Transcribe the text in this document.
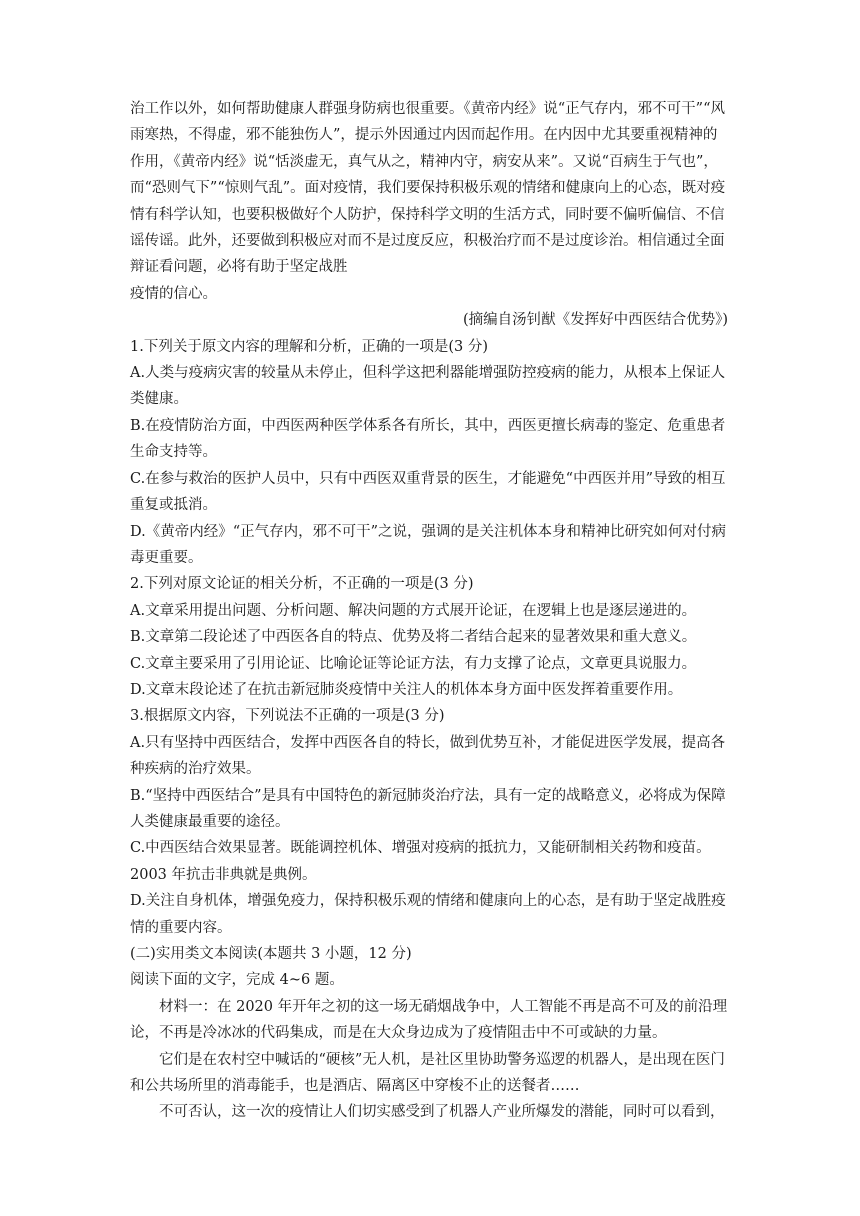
治工作以外，如何帮助健康人群强身防病也很重要。《黄帝内经》说“正气存内，邪不可干”“风雨寒热，不得虚，邪不能独伤人”，提示外因通过内因而起作用。在内因中尤其要重视精神的作用，《黄帝内经》说“恬淡虚无，真气从之，精神内守，病安从来”。又说“百病生于气也”，而“恐则气下”“惊则气乱”。面对疫情，我们要保持积极乐观的情绪和健康向上的心态，既对疫情有科学认知，也要积极做好个人防护，保持科学文明的生活方式，同时要不偏听偏信、不信谣传谣。此外，还要做到积极应对而不是过度反应，积极治疗而不是过度诊治。相信通过全面辩证看问题，必将有助于坚定战胜

疫情的信心。

(摘编自汤钊猷《发挥好中西医结合优势》)

1.下列关于原文内容的理解和分析，正确的一项是(3 分)

A.人类与疫病灾害的较量从未停止，但科学这把利器能增强防控疫病的能力，从根本上保证人类健康。

B.在疫情防治方面，中西医两种医学体系各有所长，其中，西医更擅长病毒的鉴定、危重患者生命支持等。

C.在参与救治的医护人员中，只有中西医双重背景的医生，才能避免“中西医并用”导致的相互重复或抵消。

D.《黄帝内经》“正气存内，邪不可干”之说，强调的是关注机体本身和精神比研究如何对付病毒更重要。

2.下列对原文论证的相关分析，不正确的一项是(3 分)

A.文章采用提出问题、分析问题、解决问题的方式展开论证，在逻辑上也是逐层递进的。

B.文章第二段论述了中西医各自的特点、优势及将二者结合起来的显著效果和重大意义。

C.文章主要采用了引用论证、比喻论证等论证方法，有力支撑了论点，文章更具说服力。

D.文章末段论述了在抗击新冠肺炎疫情中关注人的机体本身方面中医发挥着重要作用。

3.根据原文内容，下列说法不正确的一项是(3 分)

A.只有坚持中西医结合，发挥中西医各自的特长，做到优势互补，才能促进医学发展，提高各种疾病的治疗效果。

B.“坚持中西医结合”是具有中国特色的新冠肺炎治疗法，具有一定的战略意义，必将成为保障人类健康最重要的途径。

C.中西医结合效果显著。既能调控机体、增强对疫病的抵抗力，又能研制相关药物和疫苗。2003 年抗击非典就是典例。

D.关注自身机体，增强免疫力，保持积极乐观的情绪和健康向上的心态，是有助于坚定战胜疫情的重要内容。

(二)实用类文本阅读(本题共 3 小题，12 分)

阅读下面的文字，完成 4~6 题。

材料一：在 2020 年开年之初的这一场无硝烟战争中，人工智能不再是高不可及的前沿理论，不再是冷冰冰的代码集成，而是在大众身边成为了疫情阻击中不可或缺的力量。

它们是在农村空中喊话的“硬核”无人机，是社区里协助警务巡逻的机器人，是出现在医门和公共场所里的消毒能手，也是酒店、隔离区中穿梭不止的送餐者……

不可否认，这一次的疫情让人们切实感受到了机器人产业所爆发的潜能，同时可以看到，
